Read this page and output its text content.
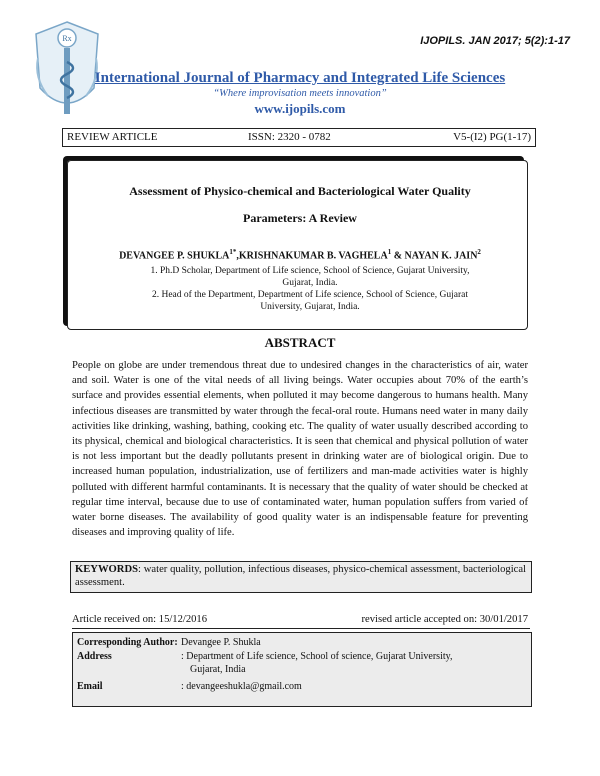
Rx	IJOPILS. JAN 2017; 5(2):1-17
International Journal of Pharmacy and Integrated Life Sciences
“Where improvisation meets innovation”
www.ijopils.com
REVIEW ARTICLE	ISSN: 2320 - 0782	V5-(I2) PG(1-17)
Assessment of Physico-chemical and Bacteriological Water Quality
Parameters: A Review
DEVANGEE P. $SHUKLA^{1*},KRISHNAKUMAR$ B. VAGHELA$^1$ & NAYAN K. JAIN$^2$
1. Ph.D Scholar, Department of Life science, School of Science, Gujarat University,
Gujarat, India.
2. Head of the Department, Department of Life science, School of Science, Gujarat
University, Gujarat, India.
ABSTRACT
People on globe are under tremendous threat due to undesired changes in the characteristics of air, water and soil. Water is one of the vital needs of all living beings. Water occupies about 70% of the earth’s surface and provides essential elements, when polluted it may become dangerous to humans health. Many infectious diseases are transmitted by water through the fecal-oral route. Humans need water in many daily activities like drinking, washing, bathing, cooking etc. The quality of water usually described according to its physical, chemical and biological characteristics. It is seen that chemical and physical pollution of water is not less important but the deadly pollutants present in drinking water are of biological origin. Due to increased human population, industrialization, use of fertilizers and man-made activities water is highly polluted with different harmful contaminants. It is necessary that the quality of water should be checked at regular time interval, because due to use of contaminated water, human population suffers from varied of water borne diseases. The availability of good quality water is an indispensable feature for preventing diseases and improving quality of life.
KEYWORDS: water quality, pollution, infectious diseases, physico-chemical assessment, bacteriological assessment.
Article received on: 15/12/2016	revised article accepted on: 30/01/2017
Corresponding Author: Devangee P. Shukla
Address	: Department of Life science, School of science, Gujarat University,
Gujarat, India
Email	: devangeeshukla@gmail.com
